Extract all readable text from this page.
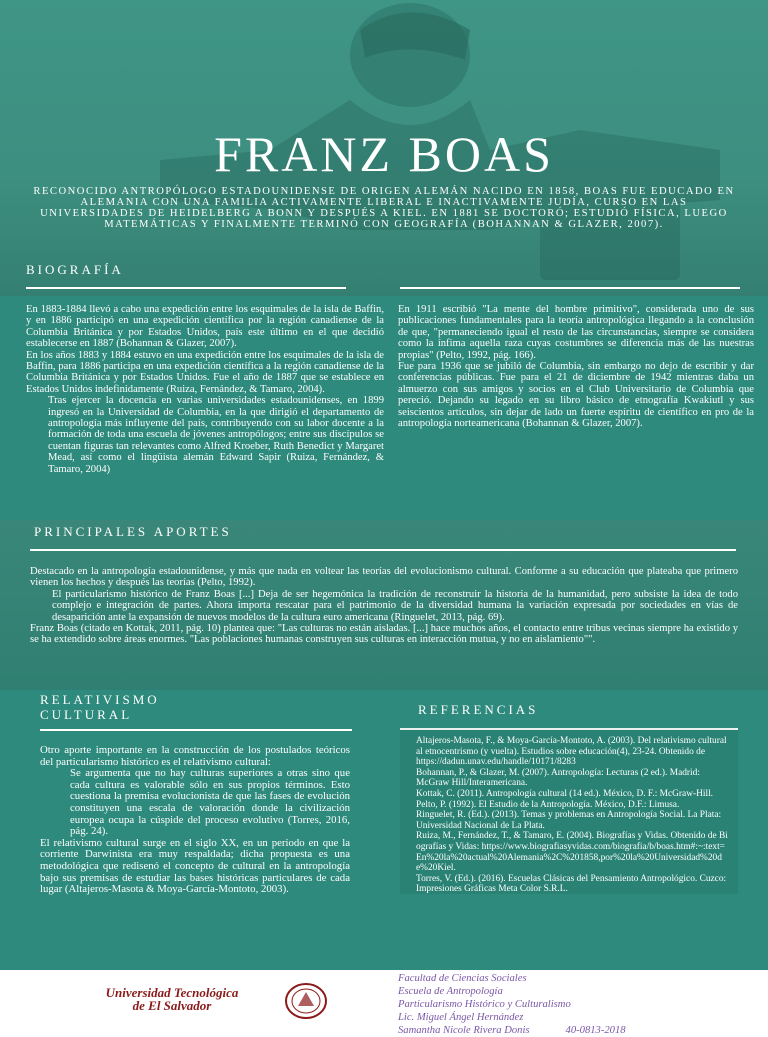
FRANZ BOAS
RECONOCIDO ANTROPÓLOGO ESTADOUNIDENSE DE ORIGEN ALEMÁN NACIDO EN 1858, BOAS FUE EDUCADO EN ALEMANIA CON UNA FAMILIA ACTIVAMENTE LIBERAL E INACTIVAMENTE JUDÍA, CURSO EN LAS UNIVERSIDADES DE HEIDELBERG A BONN Y DESPUÉS A KIEL. EN 1881 SE DOCTORÓ; ESTUDIÓ FÍSICA, LUEGO MATEMÁTICAS Y FINALMENTE TERMINÓ CON GEOGRAFÍA (BOHANNAN & GLAZER, 2007).
BIOGRAFÍA

En 1883-1884 llevó a cabo una expedición entre los esquimales de la isla de Baffin, y en 1886 participó en una expedición científica por la región canadiense de la Columbia Británica y por Estados Unidos, país este último en el que decidió establecerse en 1887 (Bohannan & Glazer, 2007).

En los años 1883 y 1884 estuvo en una expedición entre los esquimales de la isla de Baffin, para 1886 participa en una expedición científica a la región canadiense de la Columbia Británica y por Estados Unidos. Fue el año de 1887 que se establece en Estados Unidos indefinidamente (Ruiza, Fernández, & Tamaro, 2004).

Tras ejercer la docencia en varias universidades estadounidenses, en 1899 ingresó en la Universidad de Columbia, en la que dirigió el departamento de antropología más influyente del país, contribuyendo con su labor docente a la formación de toda una escuela de jóvenes antropólogos; entre sus discípulos se cuentan figuras tan relevantes como Alfred Kroeber, Ruth Benedict y Margaret Mead, así como el lingüista alemán Edward Sapir (Ruiza, Fernández, & Tamaro, 2004)

En 1911 escribió "La mente del hombre primitivo", considerada uno de sus publicaciones fundamentales para la teoría antropológica llegando a la conclusión de que, "permaneciendo igual el resto de las circunstancias, siempre se considera como la ínfima aquella raza cuyas costumbres se diferencia más de las nuestras propias" (Pelto, 1992, pág. 166).

Fue para 1936 que se jubiló de Columbia, sin embargo no dejo de escribir y dar conferencias públicas. Fue para el 21 de diciembre de 1942 mientras daba un almuerzo con sus amigos y socios en el Club Universitario de Columbia que pereció. Dejando su legado en su libro básico de etnografía Kwakiutl y sus seiscientos artículos, sin dejar de lado un fuerte espíritu de científico en pro de la antropología norteamericana (Bohannan & Glazer, 2007).

PRINCIPALES APORTES

Destacado en la antropología estadounidense, y más que nada en voltear las teorías del evolucionismo cultural. Conforme a su educación que plateaba que primero vienen los hechos y después las teorías (Pelto, 1992).

El particularismo histórico de Franz Boas [...] Deja de ser hegemónica la tradición de reconstruir la historia de la humanidad, pero subsiste la idea de todo complejo e integración de partes. Ahora importa rescatar para el patrimonio de la diversidad humana la variación expresada por sociedades en vías de desaparición ante la expansión de nuevos modelos de la cultura euro americana (Ringuelet, 2013, pág. 69).

Franz Boas (citado en Kottak, 2011, pág. 10) plantea que: "Las culturas no están aisladas. [...] hace muchos años, el contacto entre tribus vecinas siempre ha existido y se ha extendido sobre áreas enormes. "Las poblaciones humanas construyen sus culturas en interacción mutua, y no en aislamiento"".

RELATIVISMO
CULTURAL

Otro aporte importante en la construcción de los postulados teóricos del particularismo histórico es el relativismo cultural:

Se argumenta que no hay culturas superiores a otras sino que cada cultura es valorable sólo en sus propios términos. Esto cuestiona la premisa evolucionista de que las fases de evolución constituyen una escala de valoración donde la civilización europea ocupa la cúspide del proceso evolutivo (Torres, 2016, pág. 24).

El relativismo cultural surge en el siglo XX, en un periodo en que la corriente Darwinista era muy respaldada; dicha propuesta es una metodológica que redisenó el concepto de cultural en la antropología bajo sus premisas de estudiar las bases históricas particulares de cada lugar (Altajeros-Masota & Moya-García-Montoto, 2003).

REFERENCIAS

Altajeros-Masota, F., & Moya-García-Montoto, A. (2003). Del relativismo cultural al etnocentrismo (y vuelta). Estudios sobre educación(4), 23-24. Obtenido de https://dadun.unav.edu/handle/10171/8283

Bohannan, P., & Glazer, M. (2007). Antropología: Lecturas (2 ed.). Madrid: McGraw Hill/Interamericana.

Kottak, C. (2011). Antropología cultural (14 ed.). México, D. F.: McGraw-Hill.

Pelto, P. (1992). El Estudio de la Antropología. México, D.F.: Limusa.

Ringuelet, R. (Ed.). (2013). Temas y problemas en Antropología Social. La Plata: Universidad Nacional de La Plata.

Ruiza, M., Fernández, T., & Tamaro, E. (2004). Biografías y Vidas. Obtenido de Biografías y Vidas: https://www.biografiasyvidas.com/biografia/b/boas.htm#:~:text=En%20la%20actual%20Alemania%2C%201858,por%20la%20Universidad%20de%20Kiel.

Torres, V. (Ed.). (2016). Escuelas Clásicas del Pensamiento Antropológico. Cuzco: Impresiones Gráficas Meta Color S.R.L.

Universidad Tecnológica
de El Salvador
Facultad de Ciencias Sociales
Escuela de Antropología
Particularismo Histórico y Culturalismo
Lic. Miguel Ángel Hernández
Samantha Nicole Rivera Donis	40-0813-2018
